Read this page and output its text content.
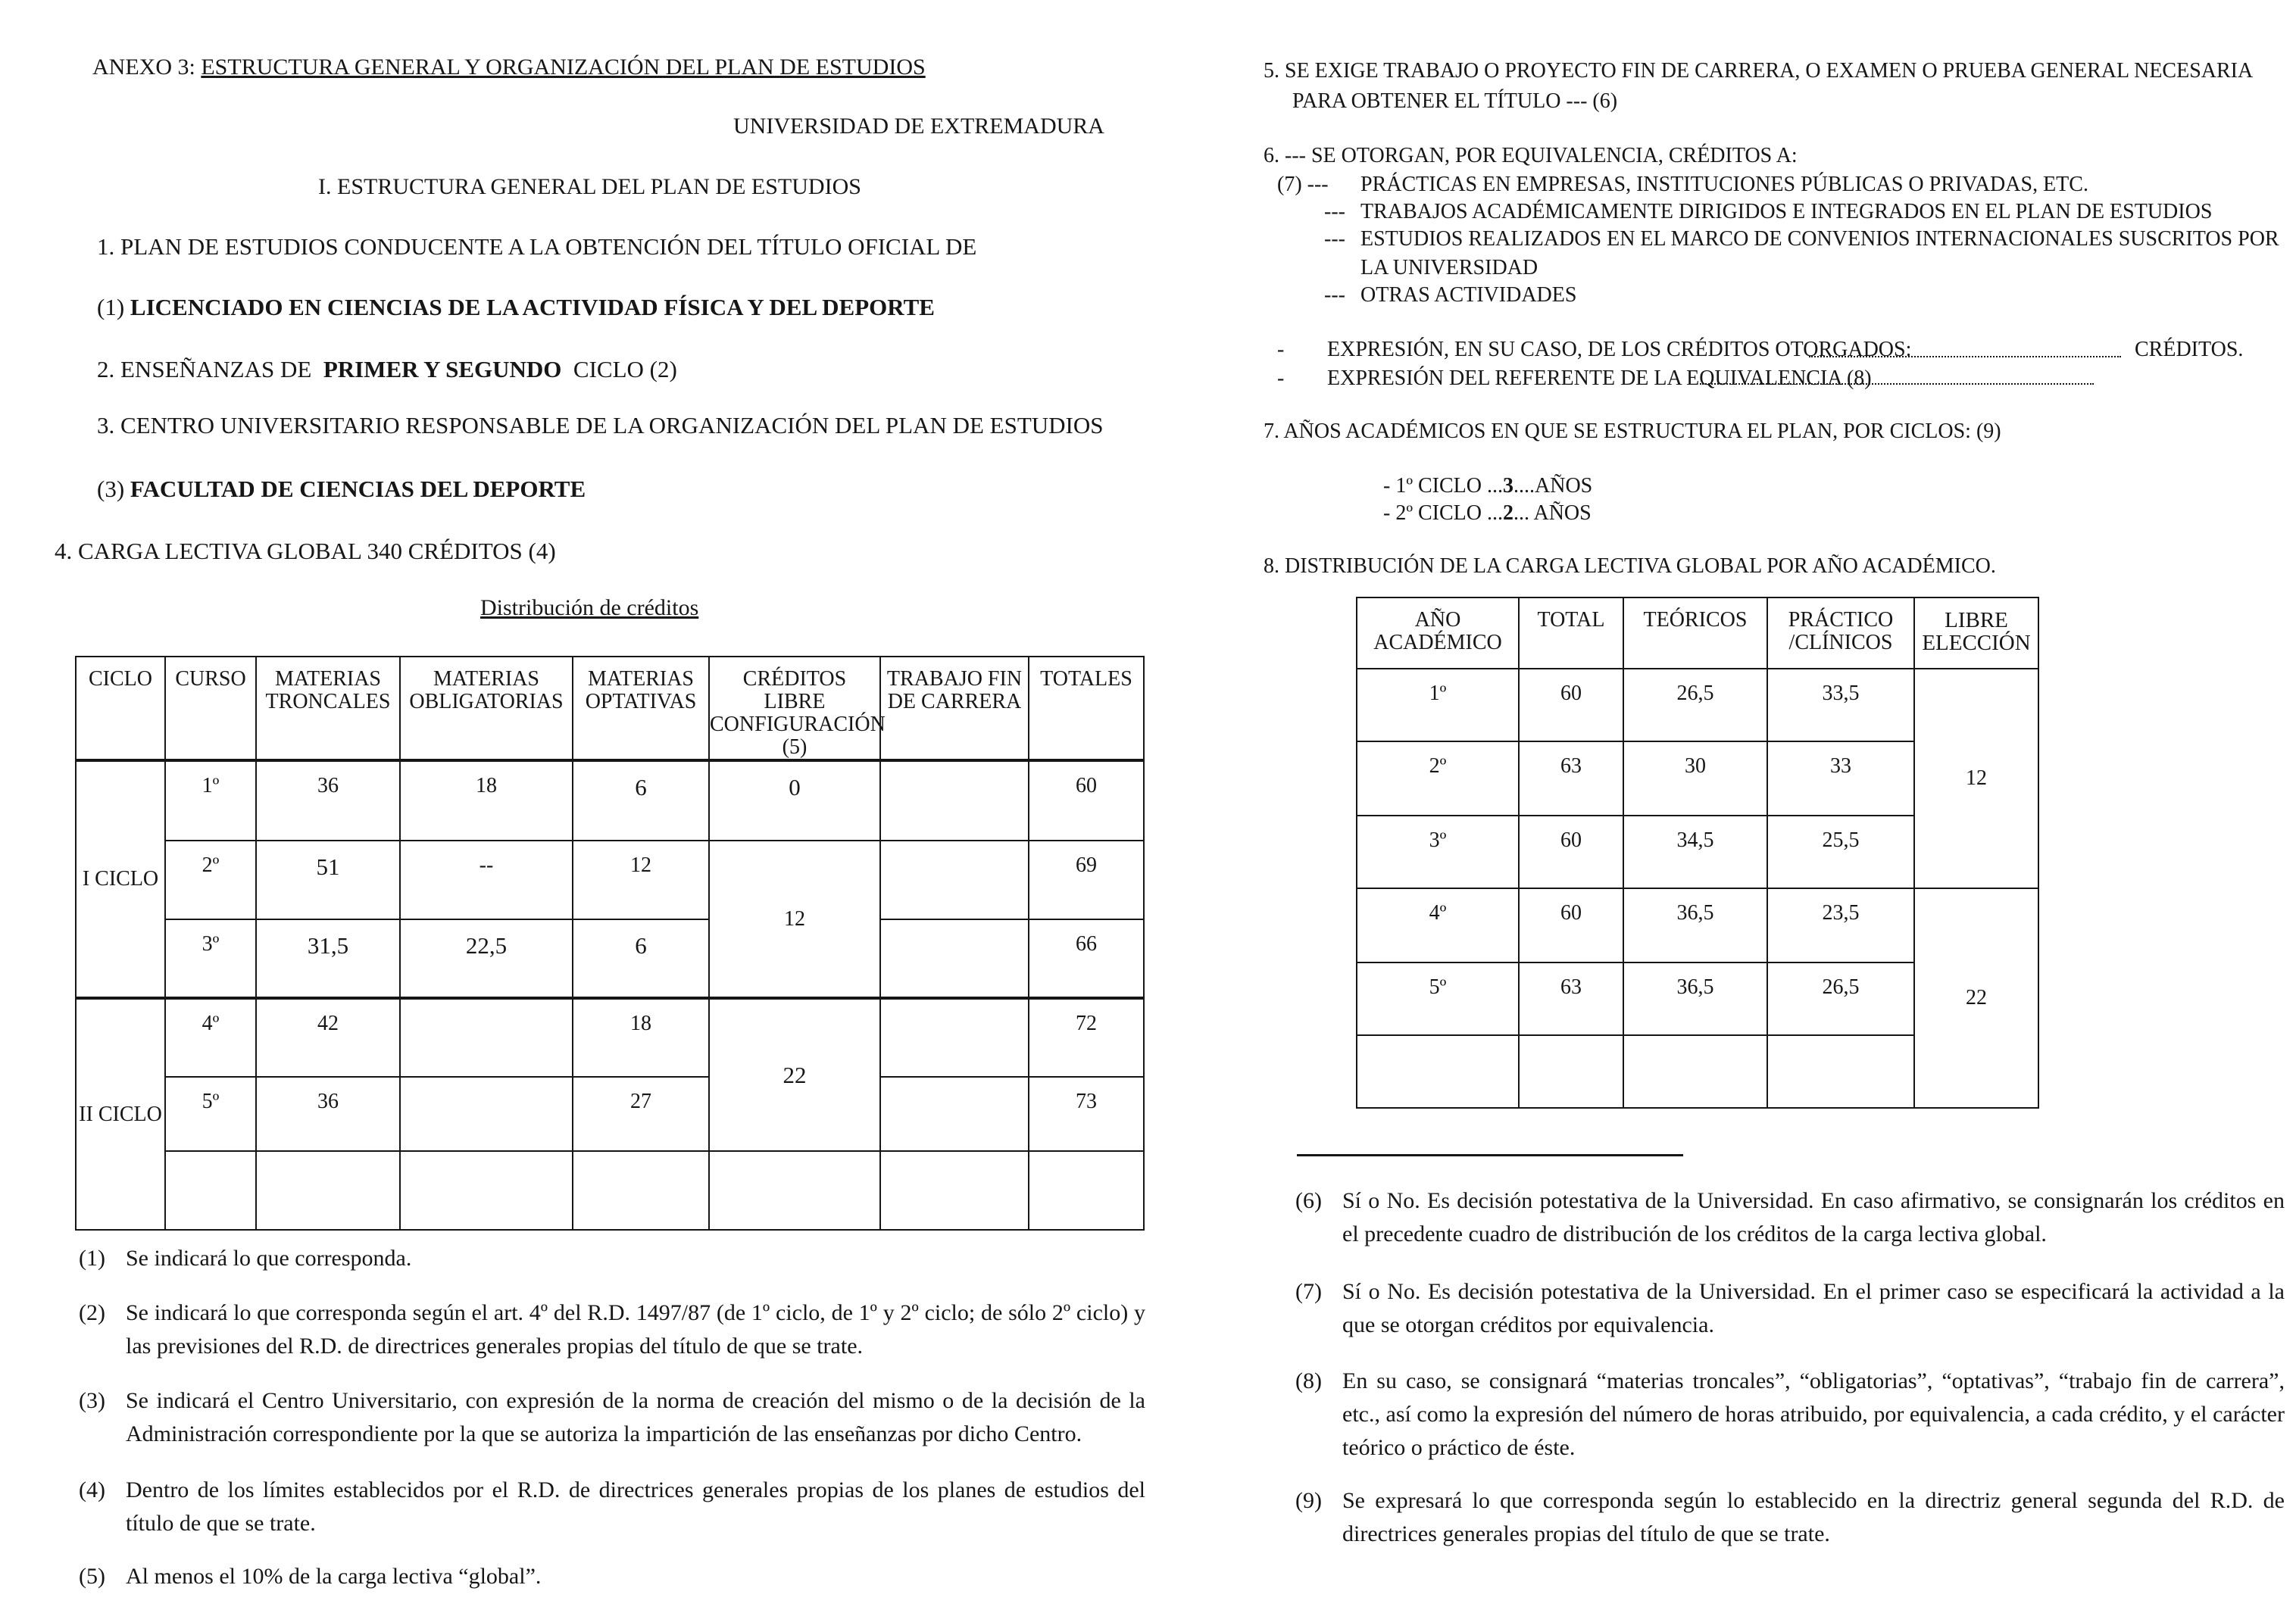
ANEXO 3: ESTRUCTURA GENERAL Y ORGANIZACIÓN DEL PLAN DE ESTUDIOS
UNIVERSIDAD DE EXTREMADURA
I. ESTRUCTURA GENERAL DEL PLAN DE ESTUDIOS
1. PLAN DE ESTUDIOS CONDUCENTE A LA OBTENCIÓN DEL TÍTULO OFICIAL DE
(1) LICENCIADO EN CIENCIAS DE LA ACTIVIDAD FÍSICA Y DEL DEPORTE
2. ENSEÑANZAS DE PRIMER Y SEGUNDO CICLO (2)
3. CENTRO UNIVERSITARIO RESPONSABLE DE LA ORGANIZACIÓN DEL PLAN DE ESTUDIOS
(3) FACULTAD DE CIENCIAS DEL DEPORTE
4. CARGA LECTIVA GLOBAL 340 CRÉDITOS (4)
Distribución de créditos
CICLO	CURSO	MATERIAS TRONCALES	MATERIAS OBLIGATORIAS	MATERIAS OPTATIVAS	CRÉDITOS LIBRE CONFIGURACIÓN (5)	TRABAJO FIN DE CARRERA	TOTALES
I CICLO	1º	36	18	6	0		60
	2º	51	--	12	12		69
	3º	31,5	22,5	6			66
II CICLO	4º	42		18	22		72
	5º	36		27			73

(1) Se indicará lo que corresponda.
(2) Se indicará lo que corresponda según el art. 4º del R.D. 1497/87 (de 1º ciclo, de 1º y 2º ciclo; de sólo 2º ciclo) y las previsiones del R.D. de directrices generales propias del título de que se trate.
(3) Se indicará el Centro Universitario, con expresión de la norma de creación del mismo o de la decisión de la Administración correspondiente por la que se autoriza la impartición de las enseñanzas por dicho Centro.
(4) Dentro de los límites establecidos por el R.D. de directrices generales propias de los planes de estudios del título de que se trate.
(5) Al menos el 10% de la carga lectiva “global”.
5. SE EXIGE TRABAJO O PROYECTO FIN DE CARRERA, O EXAMEN O PRUEBA GENERAL NECESARIA
PARA OBTENER EL TÍTULO --- (6)
6. --- SE OTORGAN, POR EQUIVALENCIA, CRÉDITOS A:
(7) --- PRÁCTICAS EN EMPRESAS, INSTITUCIONES PÚBLICAS O PRIVADAS, ETC.
--- TRABAJOS ACADÉMICAMENTE DIRIGIDOS E INTEGRADOS EN EL PLAN DE ESTUDIOS
--- ESTUDIOS REALIZADOS EN EL MARCO DE CONVENIOS INTERNACIONALES SUSCRITOS POR
LA UNIVERSIDAD
--- OTRAS ACTIVIDADES
- EXPRESIÓN, EN SU CASO, DE LOS CRÉDITOS OTORGADOS:	CRÉDITOS.
- EXPRESIÓN DEL REFERENTE DE LA EQUIVALENCIA (8)
7. AÑOS ACADÉMICOS EN QUE SE ESTRUCTURA EL PLAN, POR CICLOS: (9)
- 1º CICLO ...3....AÑOS
- 2º CICLO ...2... AÑOS
8. DISTRIBUCIÓN DE LA CARGA LECTIVA GLOBAL POR AÑO ACADÉMICO.
AÑO ACADÉMICO	TOTAL	TEÓRICOS	PRÁCTICO /CLÍNICOS	LIBRE ELECCIÓN
1º	60	26,5	33,5	12
2º	63	30	33	
3º	60	34,5	25,5	
4º	60	36,5	23,5	22
5º	63	36,5	26,5	

(6) Sí o No. Es decisión potestativa de la Universidad. En caso afirmativo, se consignarán los créditos en el precedente cuadro de distribución de los créditos de la carga lectiva global.
(7) Sí o No. Es decisión potestativa de la Universidad. En el primer caso se especificará la actividad a la que se otorgan créditos por equivalencia.
(8) En su caso, se consignará “materias troncales”, “obligatorias”, “optativas”, “trabajo fin de carrera”, etc., así como la expresión del número de horas atribuido, por equivalencia, a cada crédito, y el carácter teórico o práctico de éste.
(9) Se expresará lo que corresponda según lo establecido en la directriz general segunda del R.D. de directrices generales propias del título de que se trate.
